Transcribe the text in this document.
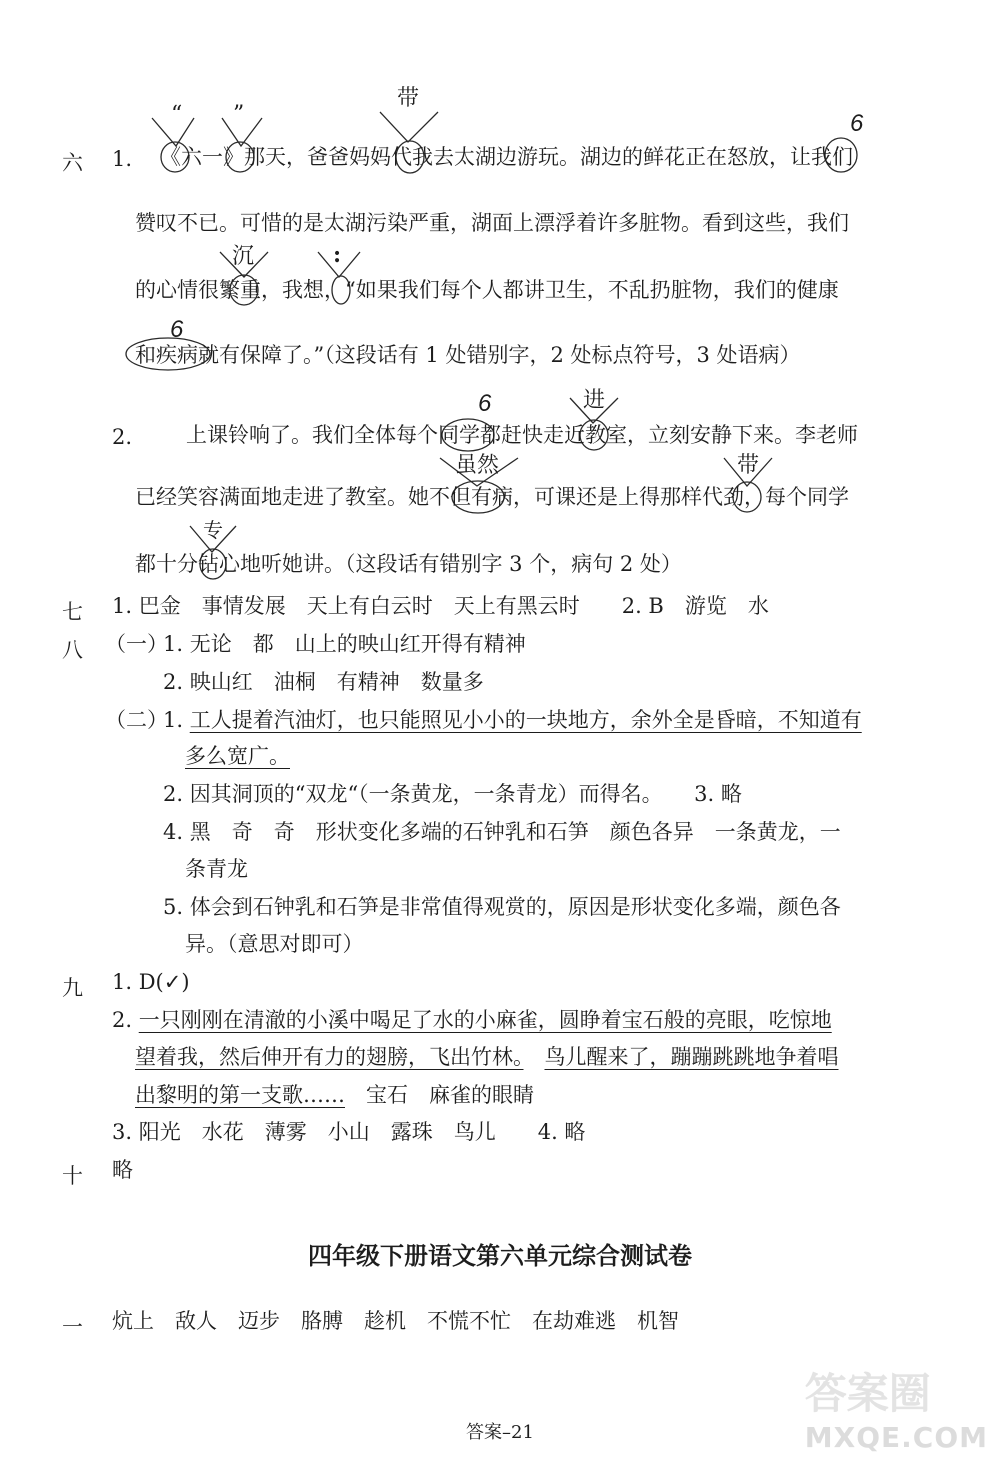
六 1.
“ ”
带
6
《六一》那天，爸爸妈妈代我去太湖边游玩。湖边的鲜花正在怒放，让我们
赞叹不已。可惜的是太湖污染严重，湖面上漂浮着许多脏物。看到这些，我们
沉	:
的心情很繁重，我想，“如果我们每个人都讲卫生，不乱扔脏物，我们的健康
6
和疾病就有保障了。”（这段话有 1 处错别字，2 处标点符号，3 处语病）
2.
6	进
上课铃响了。我们全体每个同学都赶快走近教室，立刻安静下来。李老师
虽然	带
已经笑容满面地走进了教室。她不但有病，可课还是上得那样代劲，每个同学
专
都十分钻心地听她讲。（这段话有错别字 3 个，病句 2 处）
七 1. 巴金　事情发展　天上有白云时　天上有黑云时　　2. B　游览　水
八 （一）
1. 无论　都　山上的映山红开得有精神
2. 映山红　油桐　有精神　数量多
（二）
1. 工人提着汽油灯，也只能照见小小的一块地方，余外全是昏暗，不知道有
多么宽广。
2. 因其洞顶的“双龙“（一条黄龙，一条青龙）而得名。　　3. 略
4. 黑　奇　奇　形状变化多端的石钟乳和石笋　颜色各异　一条黄龙，一
条青龙
5. 体会到石钟乳和石笋是非常值得观赏的，原因是形状变化多端，颜色各
异。（意思对即可）
九 1. D(✓)
2. 一只刚刚在清澈的小溪中喝足了水的小麻雀，圆睁着宝石般的亮眼，吃惊地
望着我，然后伸开有力的翅膀，飞出竹林。　 鸟儿醒来了，蹦蹦跳跳地争着唱
出黎明的第一支歌……　宝石　麻雀的眼睛
3. 阳光　水花　薄雾　小山　露珠　鸟儿　　4. 略
十 略
四年级下册语文第六单元综合测试卷
一 炕上　敌人　迈步　胳膊　趁机　不慌不忙　在劫难逃　机智
答案–21
答案圈
MXQE.COM
